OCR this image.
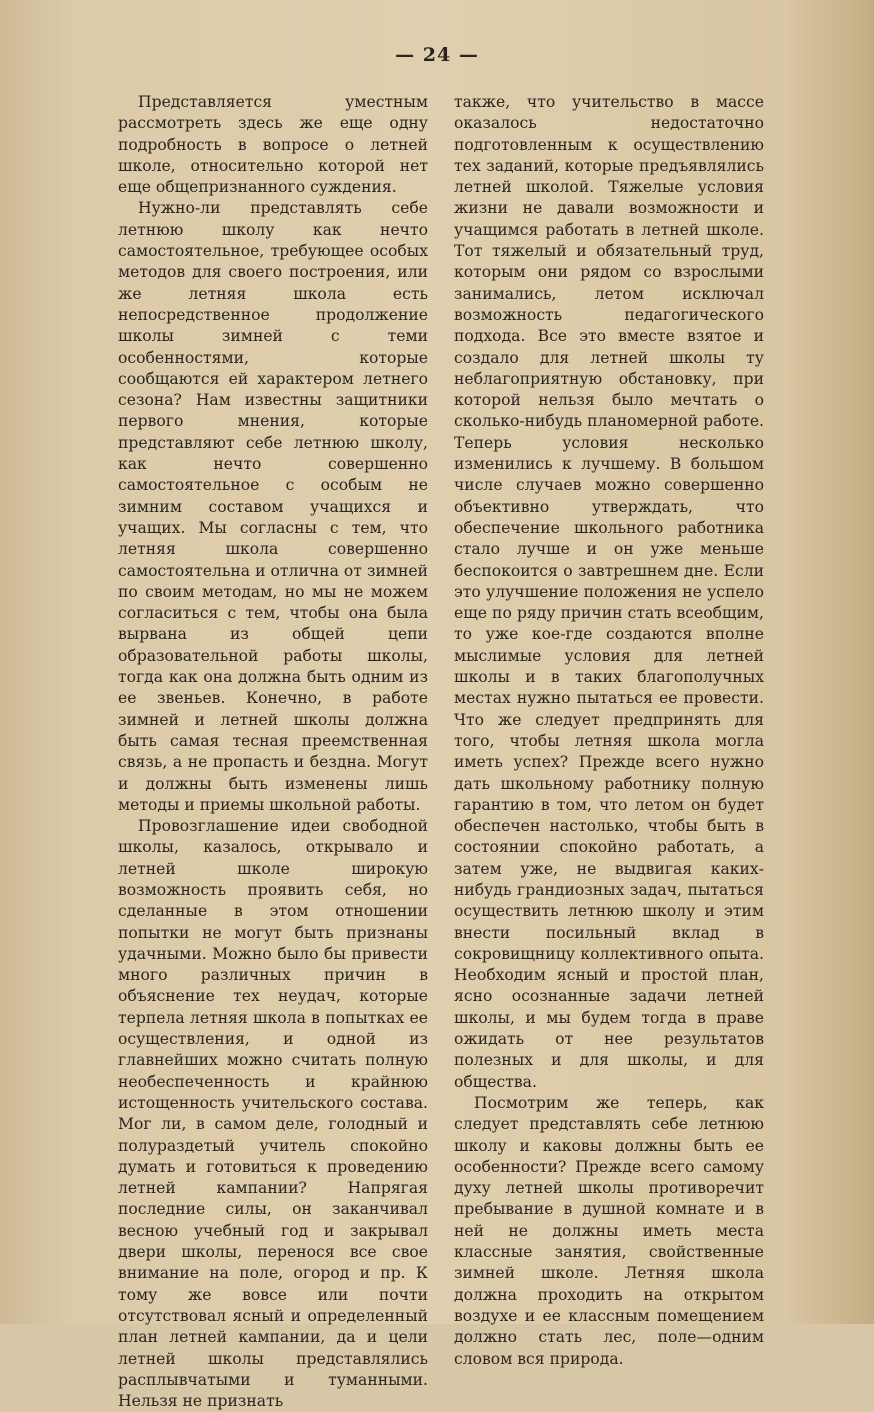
— 24 —

Представляется уместным рассмотреть здесь же еще одну подробность в вопросе о летней школе, относительно которой нет еще общепризнанного суждения.

Нужно-ли представлять себе летнюю школу как нечто самостоятельное, требующее особых методов для своего построения, или же летняя школа есть непосредственное продолжение школы зимней с теми особенностями, которые сообщаются ей характером летнего сезона? Нам известны защитники первого мнения, которые представляют себе летнюю школу, как нечто совершенно самостоятельное с особым не зимним составом учащихся и учащих. Мы согласны с тем, что летняя школа совершенно самостоятельна и отлична от зимней по своим методам, но мы не можем согласиться с тем, чтобы она была вырвана из общей цепи образовательной работы школы, тогда как она должна быть одним из ее звеньев. Конечно, в работе зимней и летней школы должна быть самая тесная преемственная связь, а не пропасть и бездна. Могут и должны быть изменены лишь методы и приемы школьной работы.

Провозглашение идеи свободной школы, казалось, открывало и летней школе широкую возможность проявить себя, но сделанные в этом отношении попытки не могут быть признаны удачными. Можно было бы привести много различных причин в объяснение тех неудач, которые терпела летняя школа в попытках ее осуществления, и одной из главнейших можно считать полную необеспеченность и крайнюю истощенность учительского состава. Мог ли, в самом деле, голодный и полураздетый учитель спокойно думать и готовиться к проведению летней кампании? Напрягая последние силы, он заканчивал весною учебный год и закрывал двери школы, перенося все свое внимание на поле, огород и пр. К тому же вовсе или почти отсутствовал ясный и определенный план летней кампании, да и цели летней школы представлялись расплывчатыми и туманными. Нельзя не признать

также, что учительство в массе оказалось недостаточно подготовленным к осуществлению тех заданий, которые предъявлялись летней школой. Тяжелые условия жизни не давали возможности и учащимся работать в летней школе. Тот тяжелый и обязательный труд, которым они рядом со взрослыми занимались, летом исключал возможность педагогического подхода. Все это вместе взятое и создало для летней школы ту неблагоприятную обстановку, при которой нельзя было мечтать о сколько-нибудь планомерной работе. Теперь условия несколько изменились к лучшему. В большом числе случаев можно совершенно объективно утверждать, что обеспечение школьного работника стало лучше и он уже меньше беспокоится о завтрешнем дне. Если это улучшение положения не успело еще по ряду причин стать всеобщим, то уже кое-где создаются вполне мыслимые условия для летней школы и в таких благополучных местах нужно пытаться ее провести. Что же следует предпринять для того, чтобы летняя школа могла иметь успех? Прежде всего нужно дать школьному работнику полную гарантию в том, что летом он будет обеспечен настолько, чтобы быть в состоянии спокойно работать, а затем уже, не выдвигая каких-нибудь грандиозных задач, пытаться осуществить летнюю школу и этим внести посильный вклад в сокровищницу коллективного опыта. Необходим ясный и простой план, ясно осознанные задачи летней школы, и мы будем тогда в праве ожидать от нее результатов полезных и для школы, и для общества.

Посмотрим же теперь, как следует представлять себе летнюю школу и каковы должны быть ее особенности? Прежде всего самому духу летней школы противоречит пребывание в душной комнате и в ней не должны иметь места классные занятия, свойственные зимней школе. Летняя школа должна проходить на открытом воздухе и ее классным помещением должно стать лес, поле—одним словом вся природа.
